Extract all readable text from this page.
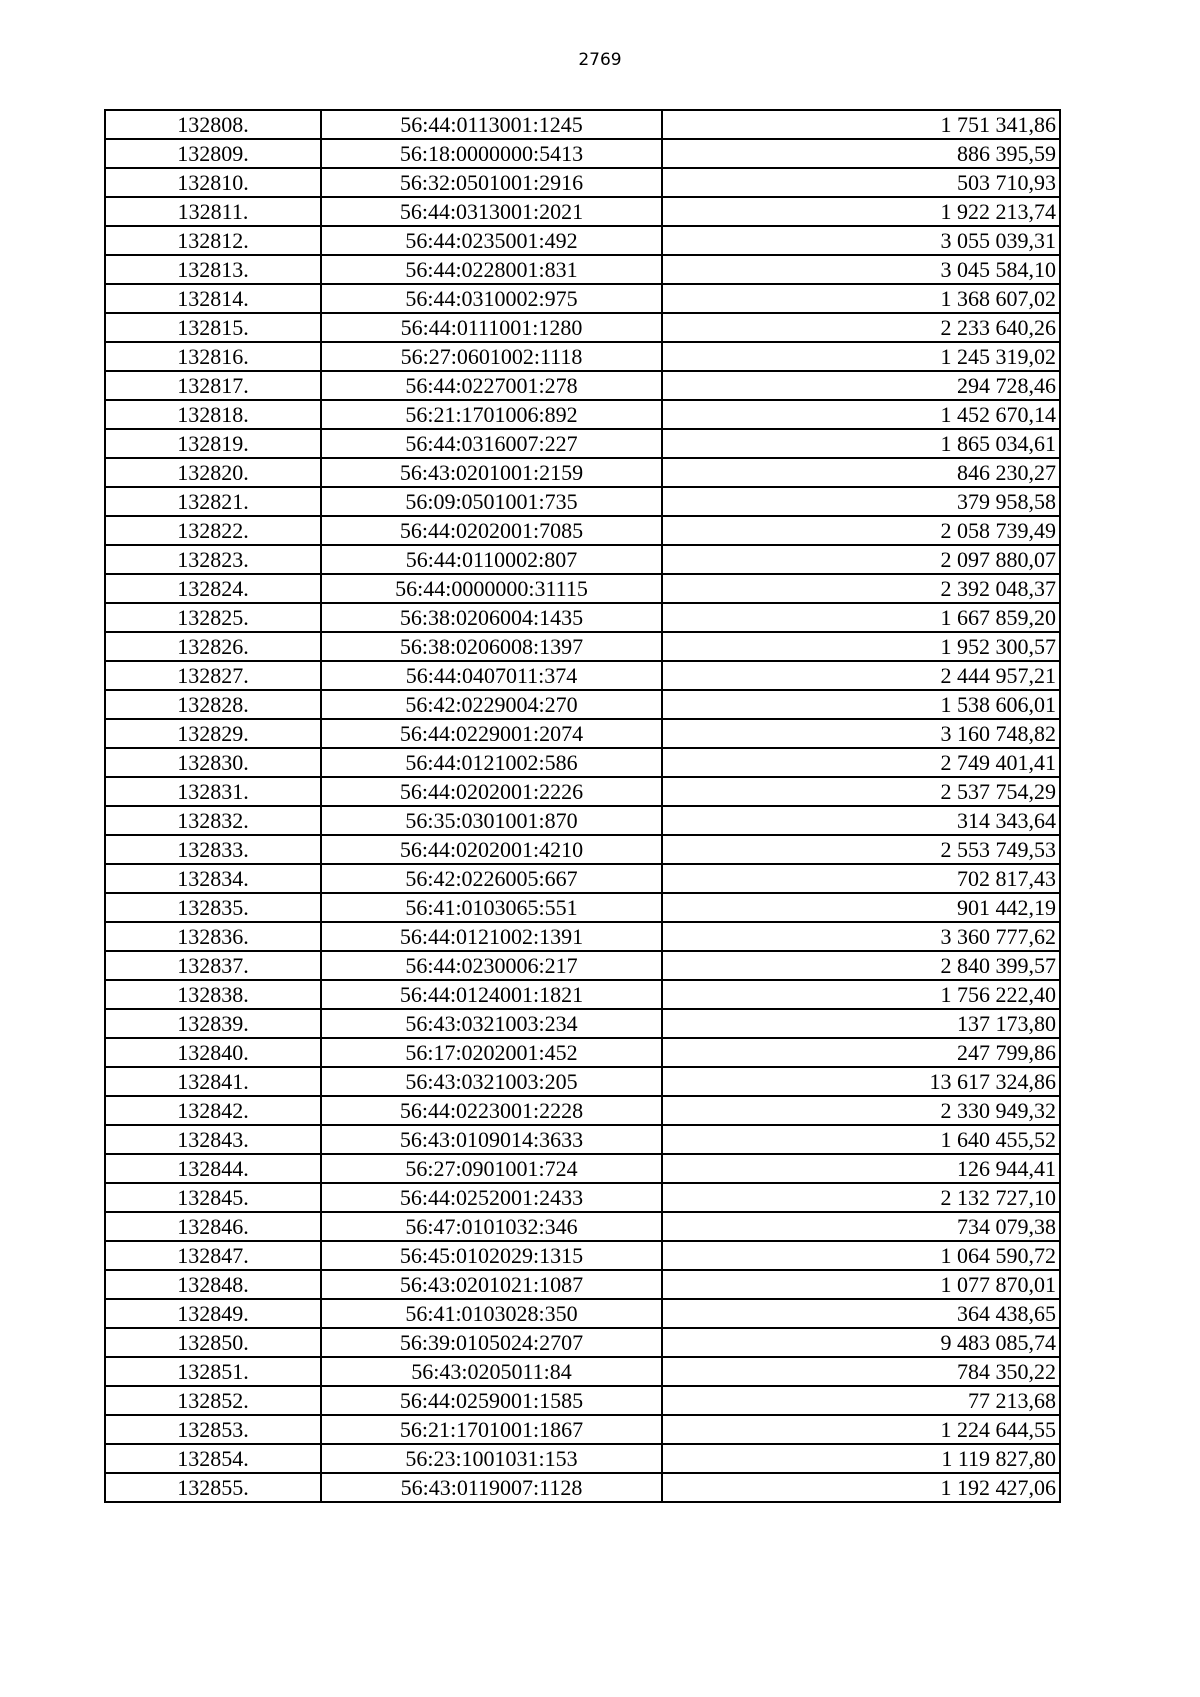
2769
132808.	56:44:0113001:1245	1 751 341,86
132809.	56:18:0000000:5413	886 395,59
132810.	56:32:0501001:2916	503 710,93
132811.	56:44:0313001:2021	1 922 213,74
132812.	56:44:0235001:492	3 055 039,31
132813.	56:44:0228001:831	3 045 584,10
132814.	56:44:0310002:975	1 368 607,02
132815.	56:44:0111001:1280	2 233 640,26
132816.	56:27:0601002:1118	1 245 319,02
132817.	56:44:0227001:278	294 728,46
132818.	56:21:1701006:892	1 452 670,14
132819.	56:44:0316007:227	1 865 034,61
132820.	56:43:0201001:2159	846 230,27
132821.	56:09:0501001:735	379 958,58
132822.	56:44:0202001:7085	2 058 739,49
132823.	56:44:0110002:807	2 097 880,07
132824.	56:44:0000000:31115	2 392 048,37
132825.	56:38:0206004:1435	1 667 859,20
132826.	56:38:0206008:1397	1 952 300,57
132827.	56:44:0407011:374	2 444 957,21
132828.	56:42:0229004:270	1 538 606,01
132829.	56:44:0229001:2074	3 160 748,82
132830.	56:44:0121002:586	2 749 401,41
132831.	56:44:0202001:2226	2 537 754,29
132832.	56:35:0301001:870	314 343,64
132833.	56:44:0202001:4210	2 553 749,53
132834.	56:42:0226005:667	702 817,43
132835.	56:41:0103065:551	901 442,19
132836.	56:44:0121002:1391	3 360 777,62
132837.	56:44:0230006:217	2 840 399,57
132838.	56:44:0124001:1821	1 756 222,40
132839.	56:43:0321003:234	137 173,80
132840.	56:17:0202001:452	247 799,86
132841.	56:43:0321003:205	13 617 324,86
132842.	56:44:0223001:2228	2 330 949,32
132843.	56:43:0109014:3633	1 640 455,52
132844.	56:27:0901001:724	126 944,41
132845.	56:44:0252001:2433	2 132 727,10
132846.	56:47:0101032:346	734 079,38
132847.	56:45:0102029:1315	1 064 590,72
132848.	56:43:0201021:1087	1 077 870,01
132849.	56:41:0103028:350	364 438,65
132850.	56:39:0105024:2707	9 483 085,74
132851.	56:43:0205011:84	784 350,22
132852.	56:44:0259001:1585	77 213,68
132853.	56:21:1701001:1867	1 224 644,55
132854.	56:23:1001031:153	1 119 827,80
132855.	56:43:0119007:1128	1 192 427,06
